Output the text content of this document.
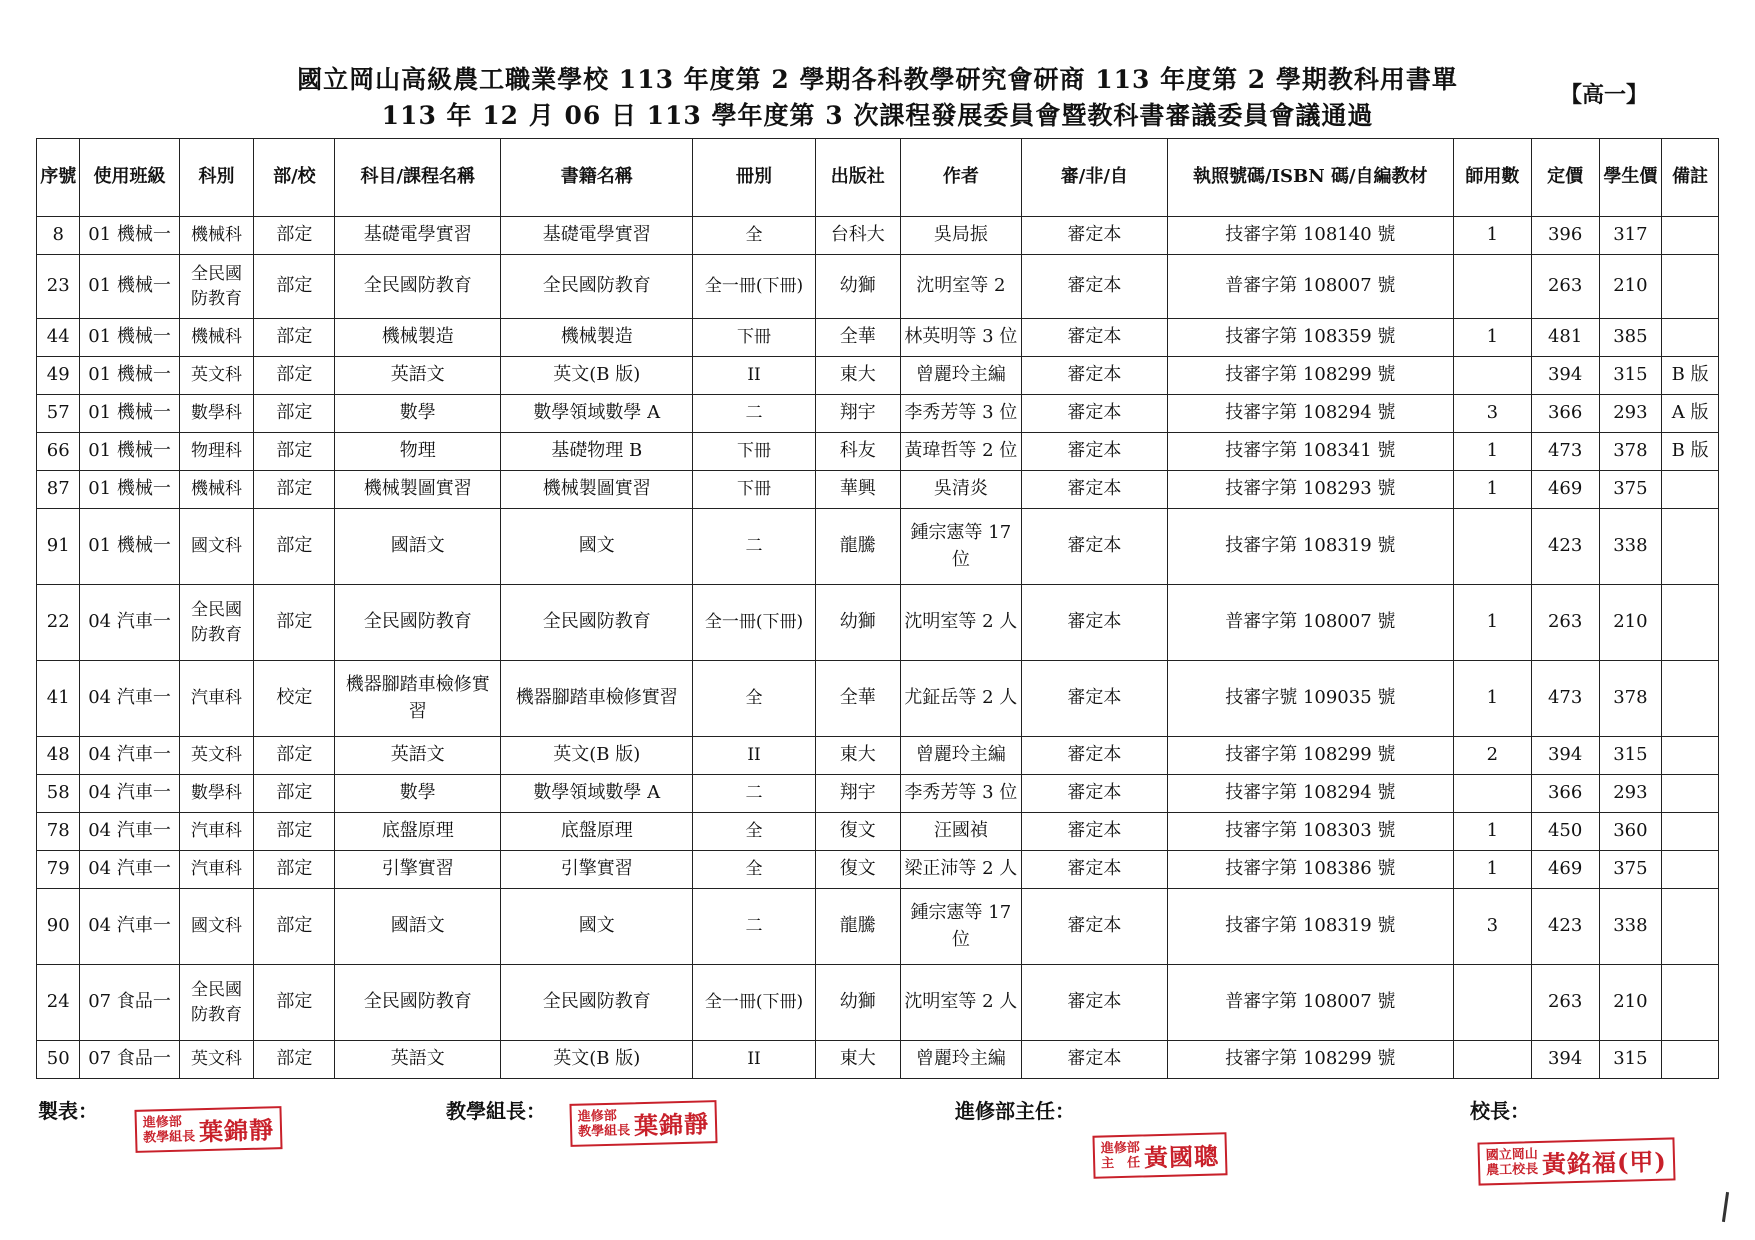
國立岡山高級農工職業學校 113 年度第 2 學期各科教學研究會研商 113 年度第 2 學期教科用書單
113 年 12 月 06 日 113 學年度第 3 次課程發展委員會暨教科書審議委員會議通過
【高一】
序號	使用班級	科別	部/校	科目/課程名稱	書籍名稱	冊別	出版社	作者	審/非/自	執照號碼/ISBN 碼/自編教材	師用數	定價	學生價	備註
8	01 機械一	機械科	部定	基礎電學實習	基礎電學實習	全	台科大	吳局振	審定本	技審字第 108140 號	1	396	317	
23	01 機械一	全民國防教育	部定	全民國防教育	全民國防教育	全一冊(下冊)	幼獅	沈明室等 2	審定本	普審字第 108007 號		263	210	
44	01 機械一	機械科	部定	機械製造	機械製造	下冊	全華	林英明等 3 位	審定本	技審字第 108359 號	1	481	385	
49	01 機械一	英文科	部定	英語文	英文(B 版)	II	東大	曾麗玲主編	審定本	技審字第 108299 號		394	315	B 版
57	01 機械一	數學科	部定	數學	數學領域數學 A	二	翔宇	李秀芳等 3 位	審定本	技審字第 108294 號	3	366	293	A 版
66	01 機械一	物理科	部定	物理	基礎物理 B	下冊	科友	黃瑋哲等 2 位	審定本	技審字第 108341 號	1	473	378	B 版
87	01 機械一	機械科	部定	機械製圖實習	機械製圖實習	下冊	華興	吳清炎	審定本	技審字第 108293 號	1	469	375	
91	01 機械一	國文科	部定	國語文	國文	二	龍騰	鍾宗憲等 17 位	審定本	技審字第 108319 號		423	338	
22	04 汽車一	全民國防教育	部定	全民國防教育	全民國防教育	全一冊(下冊)	幼獅	沈明室等 2 人	審定本	普審字第 108007 號	1	263	210	
41	04 汽車一	汽車科	校定	機器腳踏車檢修實習	機器腳踏車檢修實習	全	全華	尤鉦岳等 2 人	審定本	技審字號 109035 號	1	473	378	
48	04 汽車一	英文科	部定	英語文	英文(B 版)	II	東大	曾麗玲主編	審定本	技審字第 108299 號	2	394	315	
58	04 汽車一	數學科	部定	數學	數學領域數學 A	二	翔宇	李秀芳等 3 位	審定本	技審字第 108294 號		366	293	
78	04 汽車一	汽車科	部定	底盤原理	底盤原理	全	復文	汪國禎	審定本	技審字第 108303 號	1	450	360	
79	04 汽車一	汽車科	部定	引擎實習	引擎實習	全	復文	梁正沛等 2 人	審定本	技審字第 108386 號	1	469	375	
90	04 汽車一	國文科	部定	國語文	國文	二	龍騰	鍾宗憲等 17 位	審定本	技審字第 108319 號	3	423	338	
24	07 食品一	全民國防教育	部定	全民國防教育	全民國防教育	全一冊(下冊)	幼獅	沈明室等 2 人	審定本	普審字第 108007 號		263	210	
50	07 食品一	英文科	部定	英語文	英文(B 版)	II	東大	曾麗玲主編	審定本	技審字第 108299 號		394	315	
製表：	教學組長：	進修部主任：	校長：
進修部
教學組長 葉錦靜	進修部
教學組長 葉錦靜
進修部
主　任 黃國聰	國立岡山
農工校長 黃銘福(甲)
